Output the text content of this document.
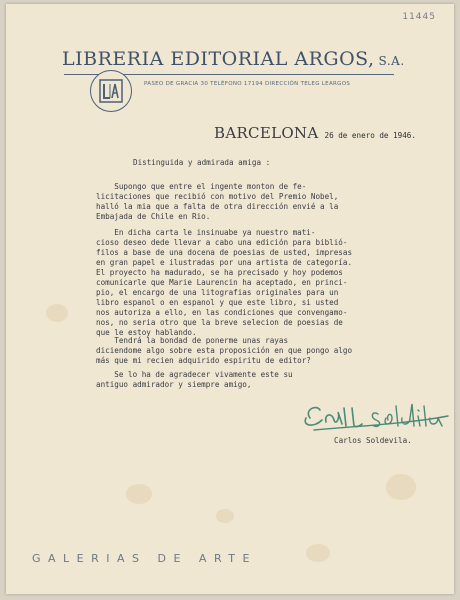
11445
LIBRERIA EDITORIAL ARGOS, S.A.
PASEO DE GRACIA 30 TELÉFONO 17194 DIRECCIÓN TELEG LEARGOS
BARCELONA 26 de enero de 1946.
Distinguida y admirada amiga :

Supongo que entre el ingente monton de fe-

licitaciones que recibió con motivo del Premio Nobel,

halló la mia que a falta de otra dirección envié a la

Embajada de Chile en Rio.

En dicha carta le insinuabe ya nuestro mati-

cioso deseo dede llevar a cabo una edición para biblió-

filos a base de una docena de poesias de usted, impresas

en gran papel e ilustradas por una artista de categoría.

El proyecto ha madurado, se ha precisado y hoy podemos

comunicarle que Marie Laurencin ha aceptado, en princi-

pio, el encargo de una litografias originales para un

libro espanol o en espanol y que este libro, si usted

nos autoriza a ello, en las condiciones que convengamo-

nos, no seria otro que la breve selecion de poesias de

que le estoy hablando.

Tendrá la bondad de ponerme unas rayas

diciendome algo sobre esta proposición en que pongo algo

más que mi recien adquirido espiritu de editor?

Se lo ha de agradecer vivamente este su

antiguo admirador y siempre amigo,

Carlos Soldevila.
GALERIAS DE ARTE
